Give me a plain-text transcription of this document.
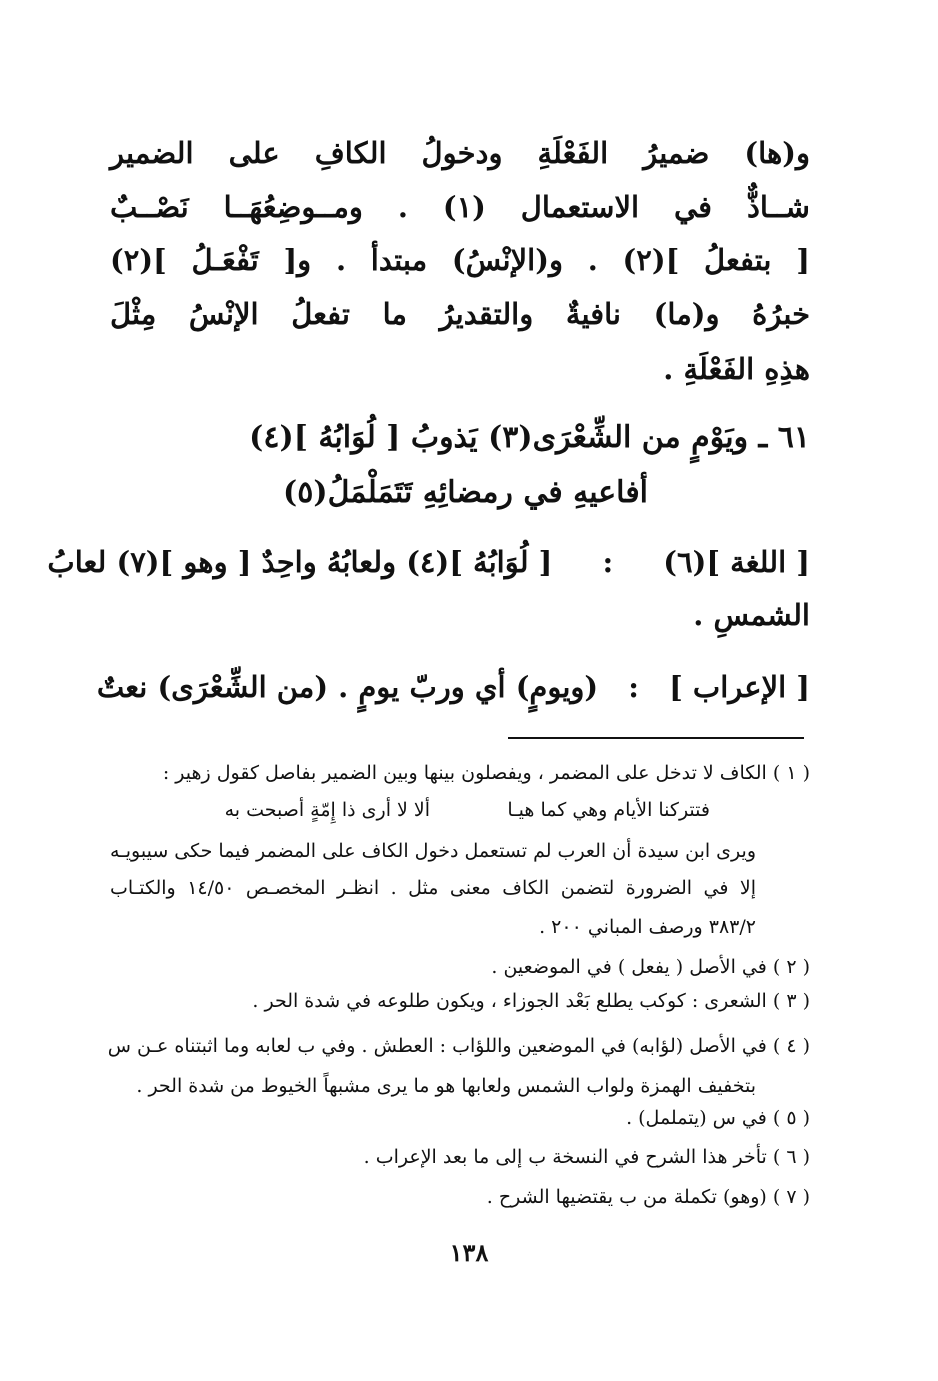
و(ها) ضميرُ الفَعْلَةِ ودخولُ الكافِ على الضمير
شــاذٌّ في الاستعمال (١) . ومــوضِعُهَــا نَصْــبٌ
[ بتفعلُ ](٢) . و(الإنْسُ) مبتدأ . و[ تَفْعَـلُ ](٢)
خبرُهُ و(ما) نافيةٌ والتقديرُ ما تفعلُ الإنْسُ مِثْلَ
هذِهِ الفَعْلَةِ .
٦١ ـ ويَوْمٍ من الشِّعْرَى(٣) يَذوبُ [ لُوَابُهُ ](٤)
أفاعيهِ في رمضائِهِ تَتَمَلْمَلُ(٥)
[ اللغة ](٦) : [ لُوَابُهُ ](٤) ولعابُهُ واحِدٌ [ وهو ](٧) لعابُ
الشمسِ .
[ الإعراب ] : (ويومٍ) أي وربّ يومٍ . (من الشِّعْرَى) نعتٌ
( ١ ) الكاف لا تدخل على المضمر ، ويفصلون بينها وبين الضمير بفاصل كقول زهير :
ألا لا أرى ذا إِمّةٍ أصبحت به	فتتركنا الأيام وهي كما هيـا
ويرى ابن سيدة أن العرب لم تستعمل دخول الكاف على المضمر فيما حكى سيبويـه
إلا في الضرورة لتضمن الكاف معنى مثل . انظـر المخصـص ١٤/٥٠ والكتـاب
٣٨٣/٢ ورصف المباني ٢٠٠ .
( ٢ ) في الأصل ( يفعل ) في الموضعين .
( ٣ ) الشعرى : كوكب يطلع بَعْد الجوزاء ، ويكون طلوعه في شدة الحر .
( ٤ ) في الأصل (لؤابه) في الموضعين واللؤاب : العطش . وفي ب لعابه وما اثبتناه عـن س
بتخفيف الهمزة ولواب الشمس ولعابها هو ما يرى مشبهاً الخيوط من شدة الحر .
( ٥ ) في س (يتململ) .
( ٦ ) تأخر هذا الشرح في النسخة ب إلى ما بعد الإعراب .
( ٧ ) (وهو) تكملة من ب يقتضيها الشرح .
١٣٨
